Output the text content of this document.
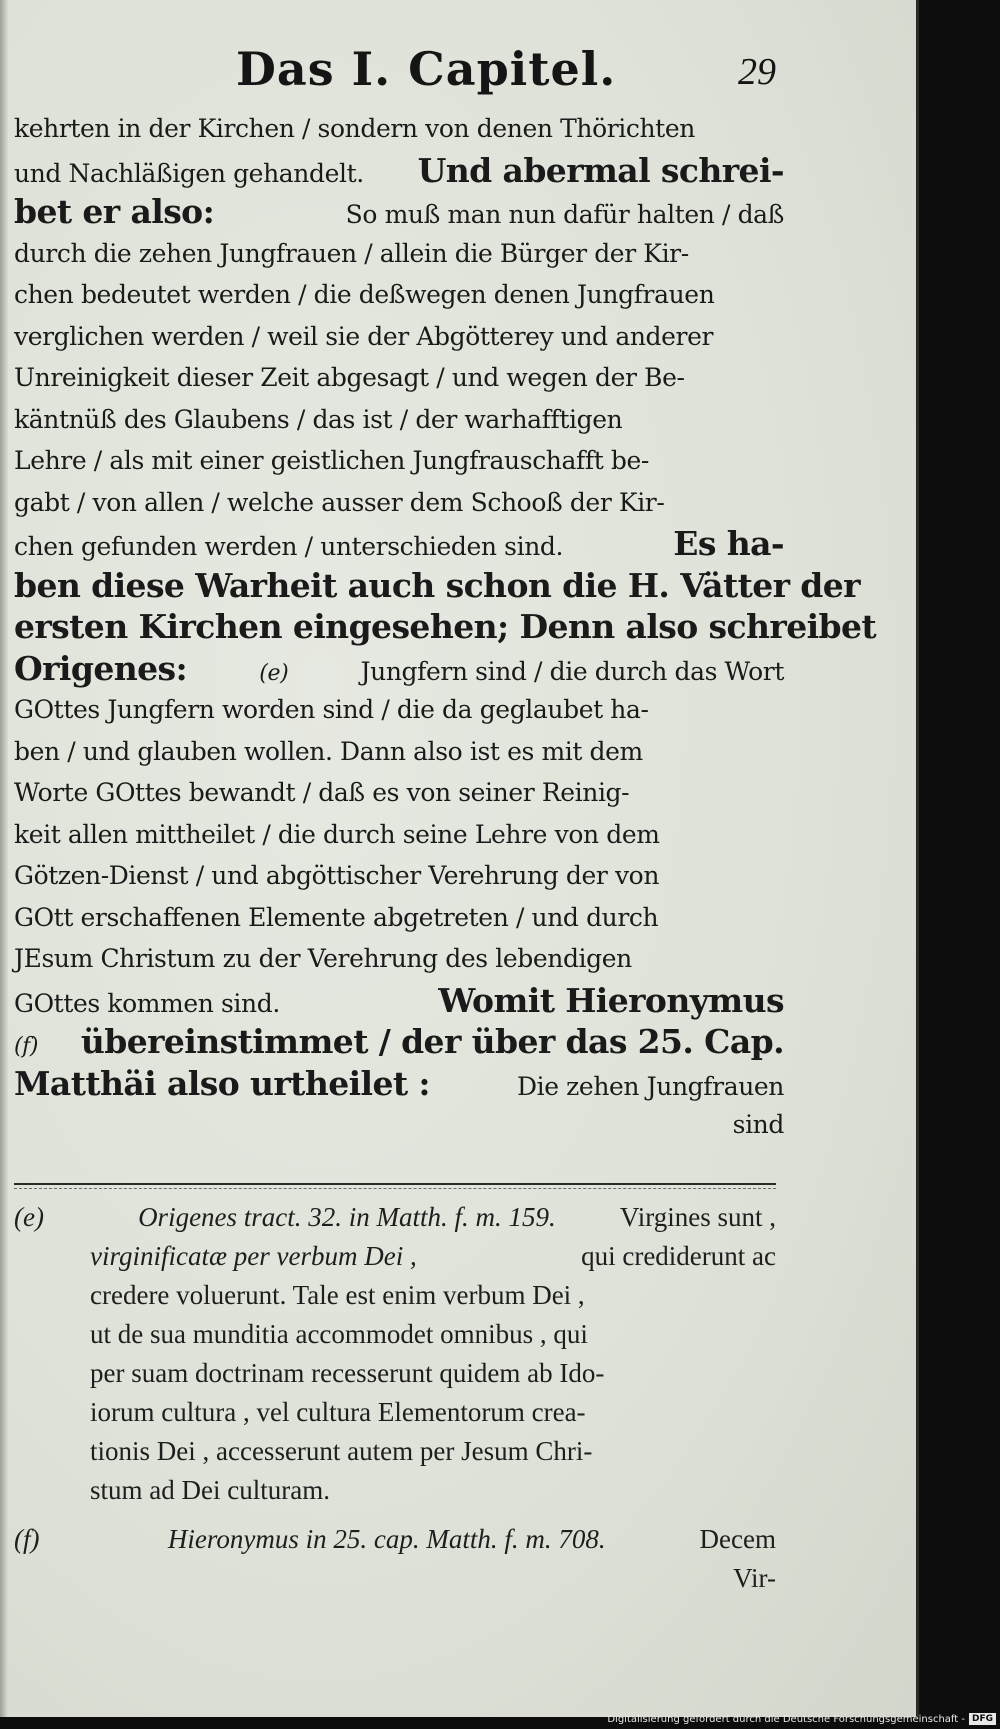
Das I. Capitel.	29
kehrten in der Kirchen / sondern von denen Thörichten
und Nachläßigen gehandelt. Und abermal schrei-
bet er also:	So muß man nun dafür halten / daß
durch die zehen Jungfrauen / allein die Bürger der Kir-
chen bedeutet werden / die deßwegen denen Jungfrauen
verglichen werden / weil sie der Abgötterey und anderer
Unreinigkeit dieser Zeit abgesagt / und wegen der Be-
käntnüß des Glaubens / das ist / der warhafftigen
Lehre / als mit einer geistlichen Jungfrauschafft be-
gabt / von allen / welche ausser dem Schooß der Kir-
chen gefunden werden / unterschieden sind.	Es ha-
ben diese Warheit auch schon die H. Vätter der
ersten Kirchen eingesehen; Denn also schreibet
Origenes:	(e)	Jungfern sind / die durch das Wort
GOttes Jungfern worden sind / die da geglaubet ha-
ben / und glauben wollen. Dann also ist es mit dem
Worte GOttes bewandt / daß es von seiner Reinig-
keit allen mittheilet / die durch seine Lehre von dem
Götzen-Dienst / und abgöttischer Verehrung der von
GOtt erschaffenen Elemente abgetreten / und durch
JEsum Christum zu der Verehrung des lebendigen
GOttes kommen sind.	Womit Hieronymus
(f) übereinstimmet / der über das 25. Cap.
Matthäi also urtheilet :	Die zehen Jungfrauen
sind
(e)	Origenes tract. 32. in Matth. f. m. 159. Virgines sunt ,
virginificatæ per verbum Dei ,	qui crediderunt ac
credere voluerunt. Tale est enim verbum Dei ,
ut de sua munditia accommodet omnibus , qui
per suam doctrinam recesserunt quidem ab Ido-
iorum cultura , vel cultura Elementorum crea-
tionis Dei , accesserunt autem per Jesum Chri-
stum ad Dei culturam.
(f)	Hieronymus in 25. cap. Matth. f. m. 708.	Decem
Vir-
Digitalisierung gefördert durch die Deutsche Forschungsgemeinschaft - DFG
